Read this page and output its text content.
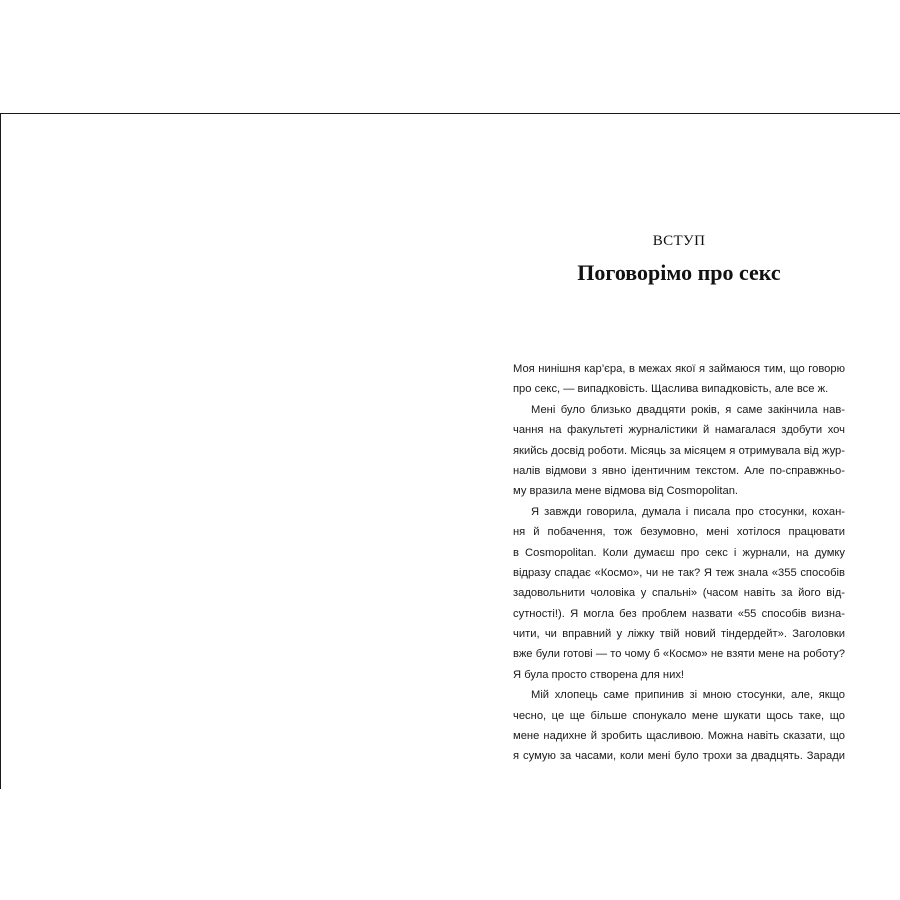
ВСТУП
Поговорімо про секс
Моя нинішня кар’єра, в межах якої я займаюся тим, що говорю
про секс, — випадковість. Щаслива випадковість, але все ж.
Мені було близько двадцяти років, я саме закінчила нав-
чання на факультеті журналістики й намагалася здобути хоч
якийсь досвід роботи. Місяць за місяцем я отримувала від жур-
налів відмови з явно ідентичним текстом. Але по-справжньо-
му вразила мене відмова від Cosmopolitan.
Я завжди говорила, думала і писала про стосунки, кохан-
ня й побачення, тож безумовно, мені хотілося працювати
в Cosmopolitan. Коли думаєш про секс і журнали, на думку
відразу спадає «Космо», чи не так? Я теж знала «355 способів
задовольнити чоловіка у спальні» (часом навіть за його від-
сутності!). Я могла без проблем назвати «55 способів визна-
чити, чи вправний у ліжку твій новий тіндердейт». Заголовки
вже були готові — то чому б «Космо» не взяти мене на роботу?
Я була просто створена для них!
Мій хлопець саме припинив зі мною стосунки, але, якщо
чесно, це ще більше спонукало мене шукати щось таке, що
мене надихне й зробить щасливою. Можна навіть сказати, що
я сумую за часами, коли мені було трохи за двадцять. Заради
